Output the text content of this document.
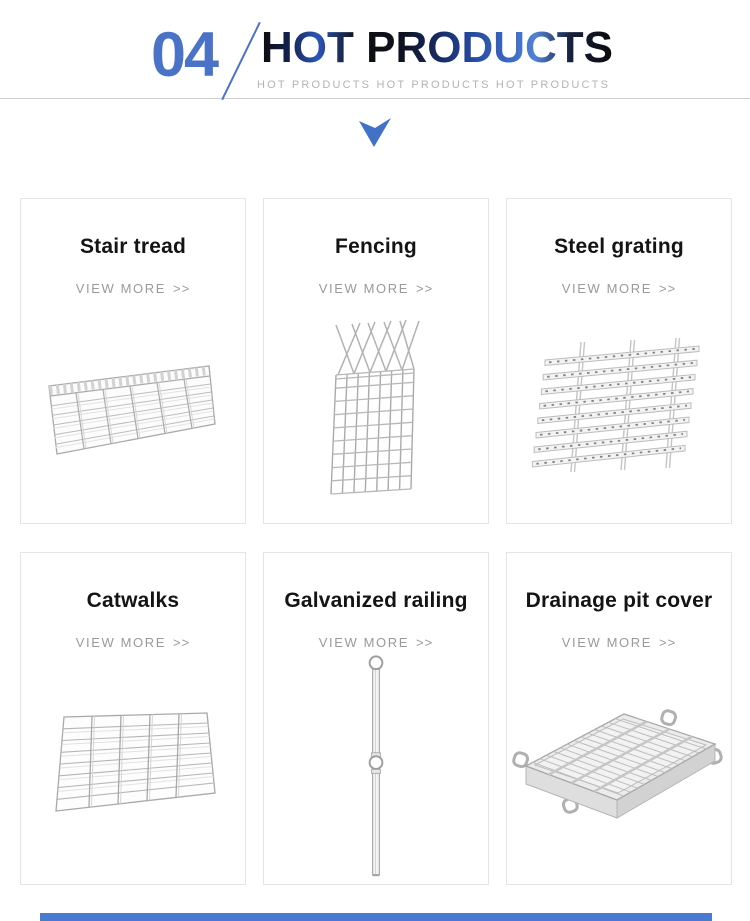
04 HOT PRODUCTS
HOT PRODUCTS HOT PRODUCTS HOT PRODUCTS
Stair tread
VIEW MORE >>
Fencing
VIEW MORE >>
Steel grating
VIEW MORE >>
Catwalks
VIEW MORE >>
Galvanized railing
VIEW MORE >>
Drainage pit cover
VIEW MORE >>
